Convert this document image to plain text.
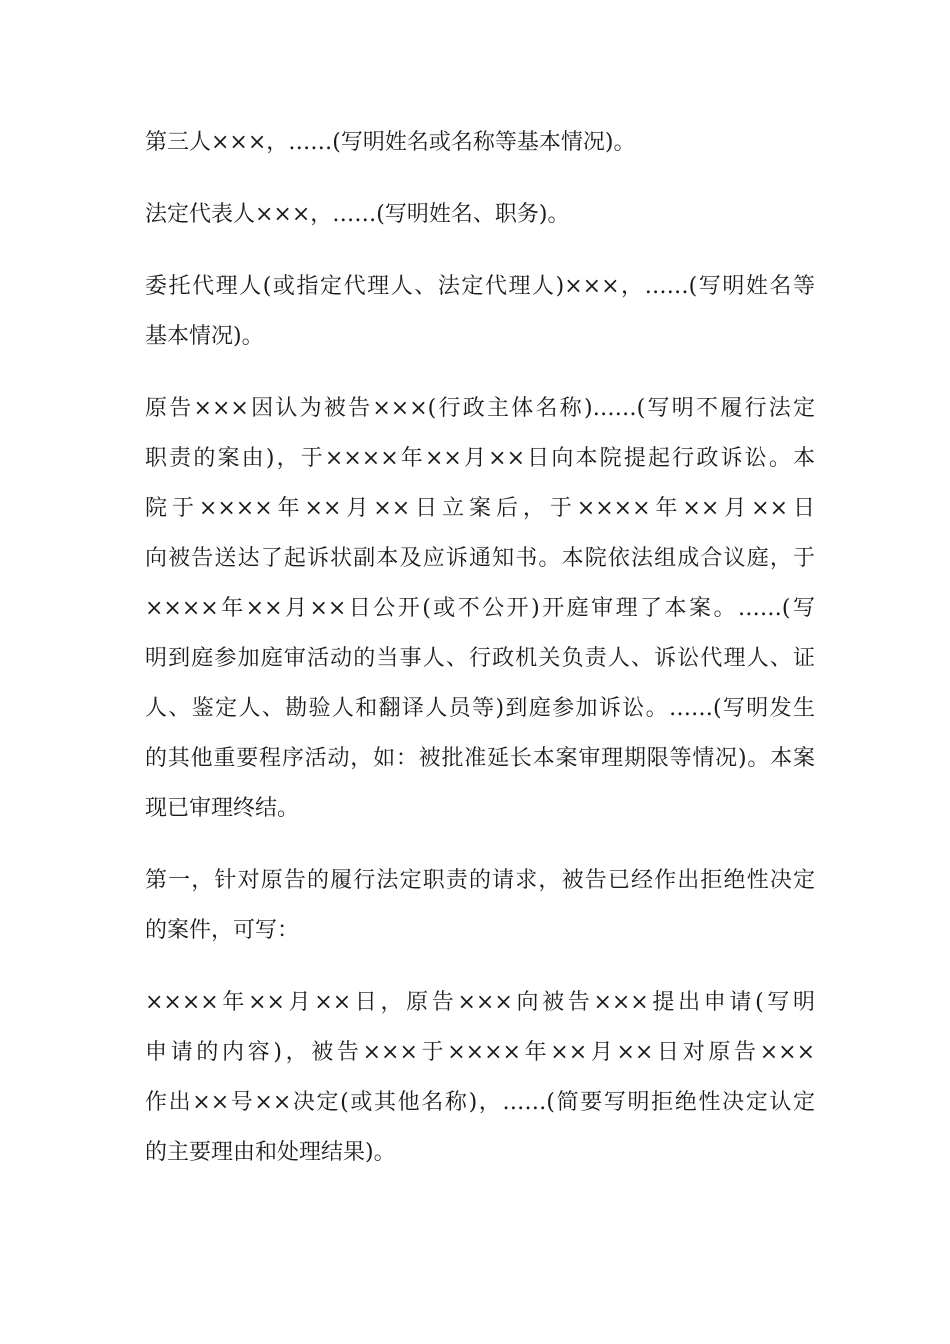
第三人×××，……(写明姓名或名称等基本情况)。
法定代表人×××，……(写明姓名、职务)。
委托代理人(或指定代理人、法定代理人)×××，……(写明姓名等
基本情况)。
原告×××因认为被告×××(行政主体名称)……(写明不履行法定
职责的案由)，于××××年××月××日向本院提起行政诉讼。本
院于××××年××月××日立案后，于××××年××月××日
向被告送达了起诉状副本及应诉通知书。本院依法组成合议庭，于
××××年××月××日公开(或不公开)开庭审理了本案。……(写
明到庭参加庭审活动的当事人、行政机关负责人、诉讼代理人、证
人、鉴定人、勘验人和翻译人员等)到庭参加诉讼。……(写明发生
的其他重要程序活动，如：被批准延长本案审理期限等情况)。本案
现已审理终结。
第一，针对原告的履行法定职责的请求，被告已经作出拒绝性决定
的案件，可写：
××××年××月××日，原告×××向被告×××提出申请(写明
申请的内容)，被告×××于××××年××月××日对原告×××
作出××号××决定(或其他名称)，……(简要写明拒绝性决定认定
的主要理由和处理结果)。
